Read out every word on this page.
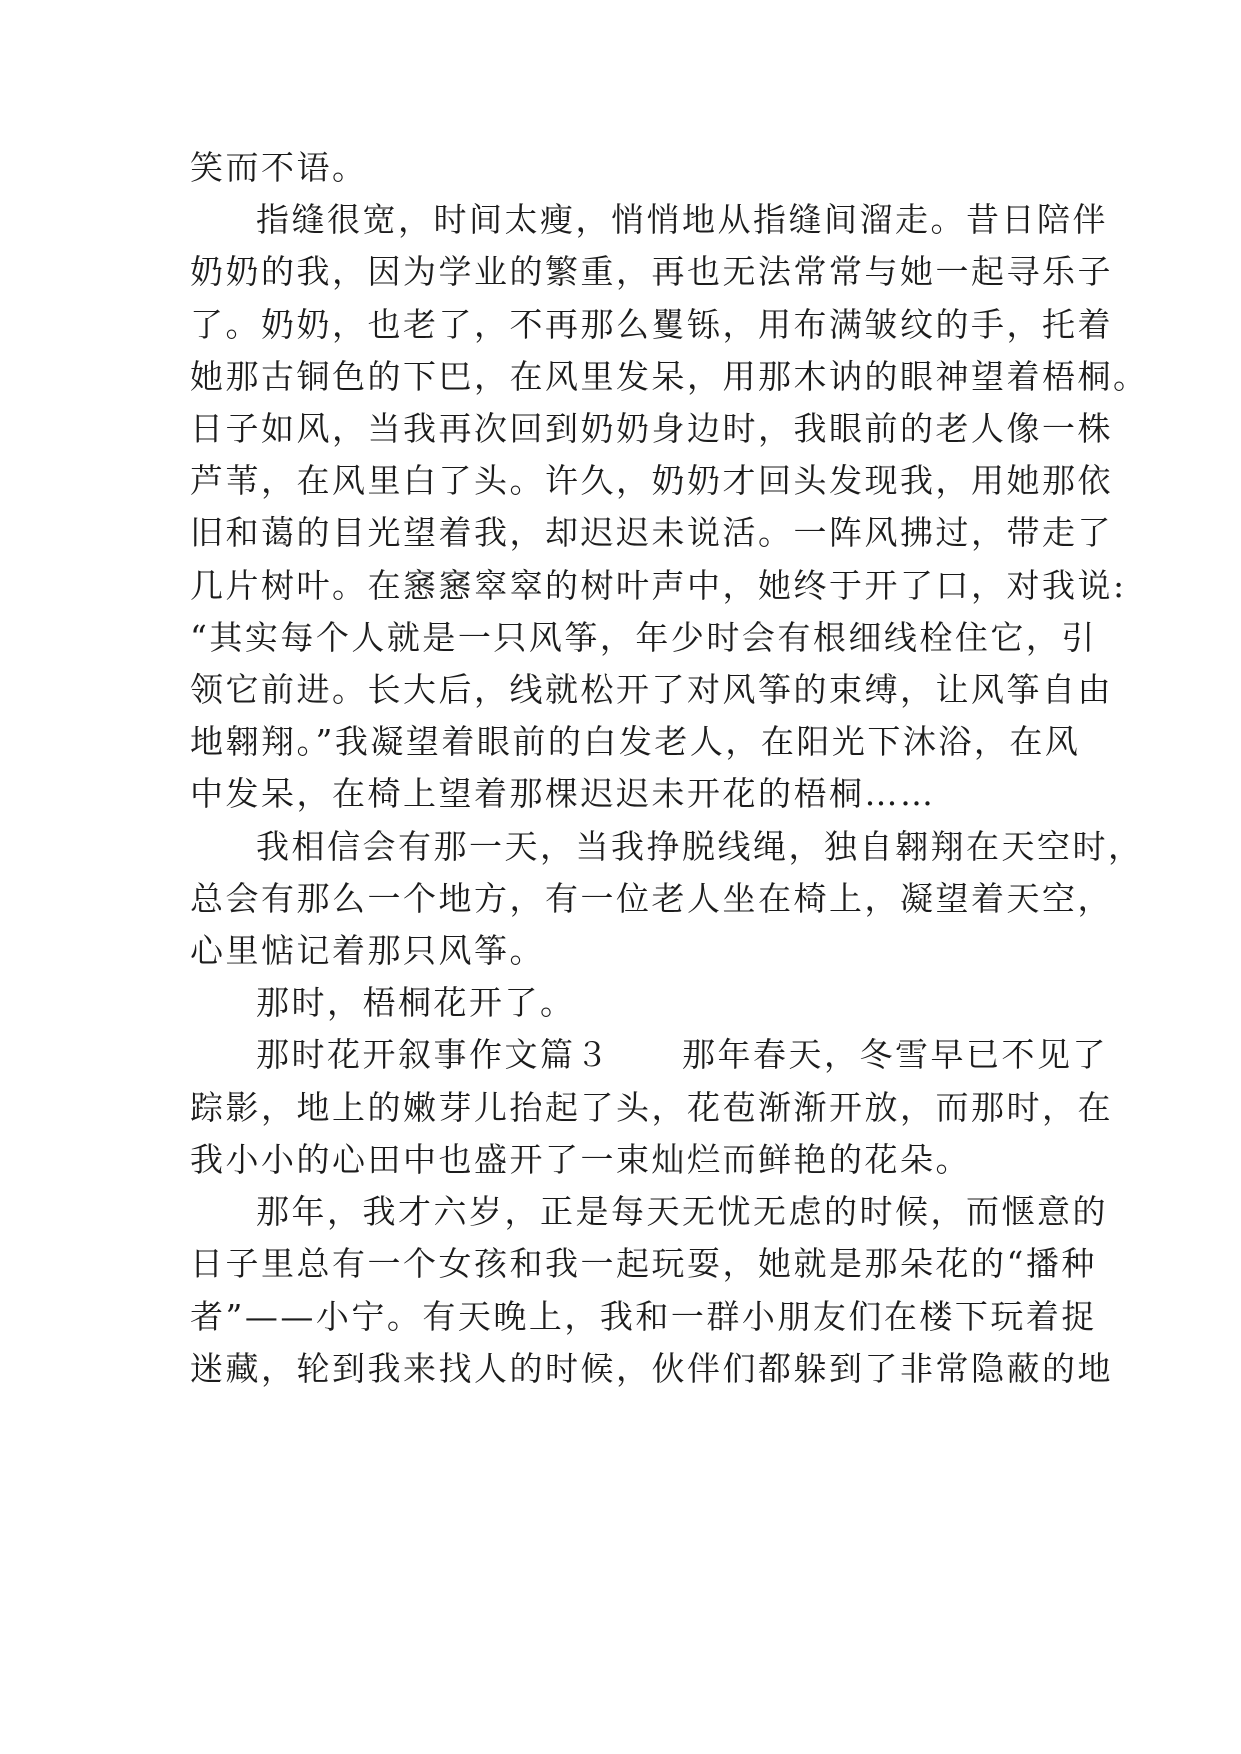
笑而不语。
指缝很宽，时间太瘦，悄悄地从指缝间溜走。昔日陪伴
奶奶的我，因为学业的繁重，再也无法常常与她一起寻乐子
了。奶奶，也老了，不再那么矍铄，用布满皱纹的手，托着
她那古铜色的下巴，在风里发呆，用那木讷的眼神望着梧桐。
日子如风，当我再次回到奶奶身边时，我眼前的老人像一株
芦苇，在风里白了头。许久，奶奶才回头发现我，用她那依
旧和蔼的目光望着我，却迟迟未说活。一阵风拂过，带走了
几片树叶。在窸窸窣窣的树叶声中，她终于开了口，对我说:
“其实每个人就是一只风筝，年少时会有根细线栓住它，引
领它前进。长大后，线就松开了对风筝的束缚，让风筝自由
地翱翔。”我凝望着眼前的白发老人，在阳光下沐浴，在风
中发呆，在椅上望着那棵迟迟未开花的梧桐……
我相信会有那一天，当我挣脱线绳，独自翱翔在天空时，
总会有那么一个地方，有一位老人坐在椅上，凝望着天空，
心里惦记着那只风筝。
那时，梧桐花开了。
那时花开叙事作文篇３　　那年春天，冬雪早已不见了
踪影，地上的嫩芽儿抬起了头，花苞渐渐开放，而那时，在
我小小的心田中也盛开了一束灿烂而鲜艳的花朵。
那年，我才六岁，正是每天无忧无虑的时候，而惬意的
日子里总有一个女孩和我一起玩耍，她就是那朵花的“播种
者”——小宁。有天晚上，我和一群小朋友们在楼下玩着捉
迷藏，轮到我来找人的时候，伙伴们都躲到了非常隐蔽的地
